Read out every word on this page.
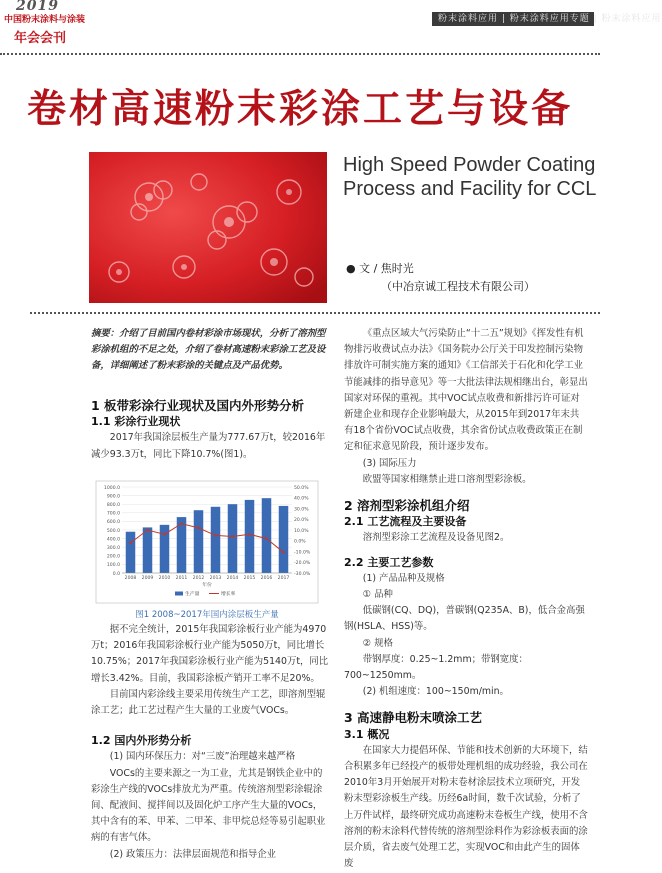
2019
中国粉末涂料与涂装
年会会刊
粉末涂料应用 | 粉末涂料应用专题 | 粉末涂料应用
卷材高速粉末彩涂工艺与设备
High Speed Powder Coating
Process and Facility for CCL
● 文 / 焦时光
（中冶京诚工程技术有限公司）
摘要：介绍了目前国内卷材彩涂市场现状，分析了溶剂型彩涂机组的不足之处，介绍了卷材高速粉末彩涂工艺及设备，详细阐述了粉末彩涂的关键点及产品优势。

1 板带彩涂行业现状及国内外形势分析

1.1 彩涂行业现状

2017年我国涂层板生产量为777.67万t，较2016年减少93.3万t，同比下降10.7%(图1)。

1000.0
900.0
800.0
700.0
600.0
500.0
400.0
300.0
200.0
100.0
0.0
50.0%
40.0%
30.0%
20.0%
10.0%
0.0%
-10.0%
-20.0%
-30.0%
2008 2009 2010 2011 2012 2013 2014 2015 2016 2017
年份
生产量	增长率
图1 2008~2017年国内涂层板生产量

据不完全统计，2015年我国彩涂板行业产能为4970万t；2016年我国彩涂板行业产能为5050万t，同比增长10.75%；2017年我国彩涂板行业产能为5140万t，同比增长3.42%。目前，我国彩涂板产销开工率不足20%。

目前国内彩涂线主要采用传统生产工艺，即溶剂型辊涂工艺；此工艺过程产生大量的工业废气VOCs。

1.2 国内外形势分析

(1) 国内环保压力：对“三废”治理越来越严格

VOCs的主要来源之一为工业，尤其是钢铁企业中的彩涂生产线的VOCs排放尤为严重。传统溶剂型彩涂辊涂间、配液间、搅拌间以及固化炉工序产生大量的VOCs，其中含有的苯、甲苯、二甲苯、非甲烷总烃等易引起职业病的有害气体。

(2) 政策压力：法律层面规范和指导企业

《重点区域大气污染防止“十二五”规划》《挥发性有机物排污收费试点办法》《国务院办公厅关于印发控制污染物排放许可制实施方案的通知》《工信部关于石化和化学工业节能减排的指导意见》等一大批法律法规相继出台，彰显出国家对环保的重视。其中VOC试点收费和新排污许可证对新建企业和现存企业影响最大，从2015年到2017年末共有18个省份VOC试点收费，其余省份试点收费政策正在制定和征求意见阶段，预计逐步发布。

(3) 国际压力

欧盟等国家相继禁止进口溶剂型彩涂板。

2 溶剂型彩涂机组介绍

2.1 工艺流程及主要设备

溶剂型彩涂工艺流程及设备见图2。

2.2 主要工艺参数

(1) 产品品种及规格

① 品种

低碳钢(CQ、DQ)，普碳钢(Q235A、B)，低合金高强钢(HSLA、HSS)等。

② 规格

带钢厚度：0.25~1.2mm；带钢宽度：700~1250mm。

(2) 机组速度：100~150m/min。

3 高速静电粉末喷涂工艺

3.1 概况

在国家大力提倡环保、节能和技术创新的大环境下，结合积累多年已经投产的板带处理机组的成功经验，我公司在2010年3月开始展开对粉末卷材涂层技术立项研究，开发粉末型彩涂板生产线。历经6a时间，数千次试验，分析了上万件试样，最终研究成功高速粉末卷板生产线，使用不含溶剂的粉末涂料代替传统的溶剂型涂料作为彩涂板表面的涂层介质，省去废气处理工艺，实现VOC和由此产生的固体废
